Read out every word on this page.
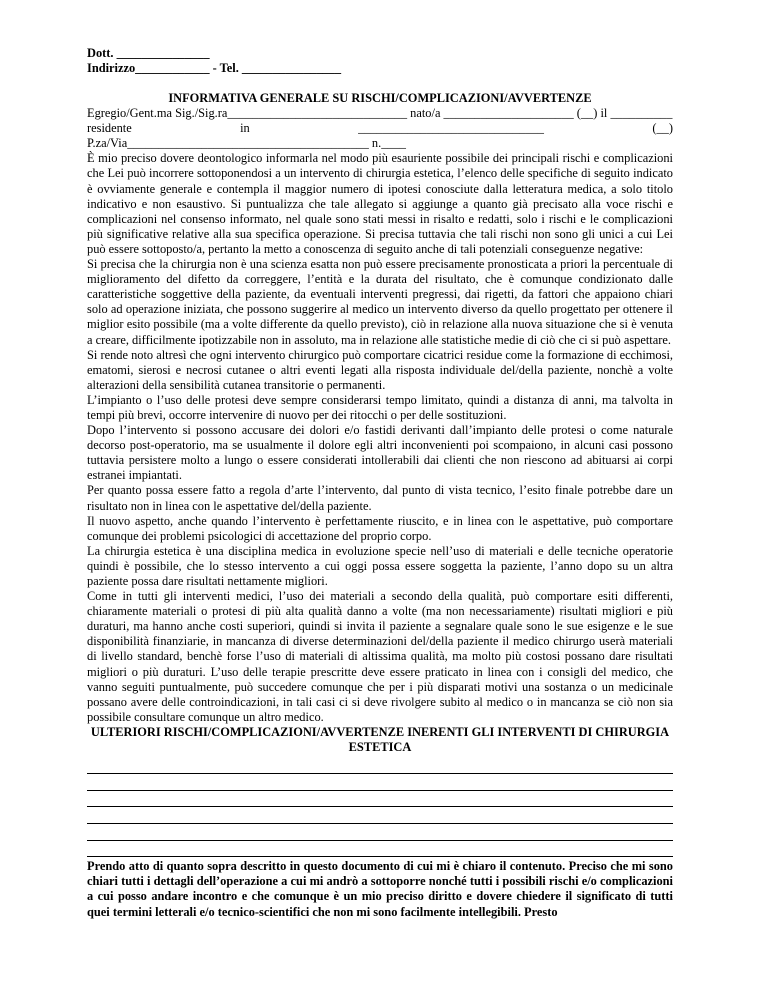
Dott. _______________
Indirizzo____________ - Tel. ________________
INFORMATIVA GENERALE SU RISCHI/COMPLICAZIONI/AVVERTENZE
Egregio/Gent.ma Sig./Sig.ra_____________________________ nato/a _____________________ (__) il __________
residente	in	______________________________	(__)
P.za/Via_______________________________________ n.____

È mio preciso dovere deontologico informarla nel modo più esauriente possibile dei principali rischi e complicazioni che Lei può incorrere sottoponendosi a un intervento di chirurgia estetica, l’elenco delle specifiche di seguito indicato è ovviamente generale e contempla il maggior numero di ipotesi conosciute dalla letteratura medica, a solo titolo indicativo e non esaustivo. Si puntualizza che tale allegato si aggiunge a quanto già precisato alla voce rischi e complicazioni nel consenso informato, nel quale sono stati messi in risalto e redatti, solo i rischi e le complicazioni più significative relative alla sua specifica operazione. Si precisa tuttavia che tali rischi non sono gli unici a cui Lei può essere sottoposto/a, pertanto la metto a conoscenza di seguito anche di tali potenziali conseguenze negative:

Si precisa che la chirurgia non è una scienza esatta non può essere precisamente pronosticata a priori la percentuale di miglioramento del difetto da correggere, l’entità e la durata del risultato, che è comunque condizionato dalle caratteristiche soggettive della paziente, da eventuali interventi pregressi, dai rigetti, da fattori che appaiono chiari solo ad operazione iniziata, che possono suggerire al medico un intervento diverso da quello progettato per ottenere il miglior esito possibile (ma a volte differente da quello previsto), ciò in relazione alla nuova situazione che si è venuta a creare, difficilmente ipotizzabile non in assoluto, ma in relazione alle statistiche medie di ciò che ci si può aspettare.

Si rende noto altresì che ogni intervento chirurgico può comportare cicatrici residue come la formazione di ecchimosi, ematomi, sierosi e necrosi cutanee o altri eventi legati alla risposta individuale del/della paziente, nonchè a volte alterazioni della sensibilità cutanea transitorie o permanenti.

L’impianto o l’uso delle protesi deve sempre considerarsi tempo limitato, quindi a distanza di anni, ma talvolta in tempi più brevi, occorre intervenire di nuovo per dei ritocchi o per delle sostituzioni.

Dopo l’intervento si possono accusare dei dolori e/o fastidi derivanti dall’impianto delle protesi o come naturale decorso post-operatorio, ma se usualmente il dolore egli altri inconvenienti poi scompaiono, in alcuni casi possono tuttavia persistere molto a lungo o essere considerati intollerabili dai clienti che non riescono ad abituarsi ai corpi estranei impiantati.

Per quanto possa essere fatto a regola d’arte l’intervento, dal punto di vista tecnico, l’esito finale potrebbe dare un risultato non in linea con le aspettative del/della paziente.

Il nuovo aspetto, anche quando l’intervento è perfettamente riuscito, e in linea con le aspettative, può comportare comunque dei problemi psicologici di accettazione del proprio corpo.

La chirurgia estetica è una disciplina medica in evoluzione specie nell’uso di materiali e delle tecniche operatorie quindi è possibile, che lo stesso intervento a cui oggi possa essere soggetta la paziente, l’anno dopo su un altra paziente possa dare risultati nettamente migliori.

Come in tutti gli interventi medici, l’uso dei materiali a secondo della qualità, può comportare esiti differenti, chiaramente materiali o protesi di più alta qualità danno a volte (ma non necessariamente) risultati migliori e più duraturi, ma hanno anche costi superiori, quindi si invita il paziente a segnalare quale sono le sue esigenze e le sue disponibilità finanziarie, in mancanza di diverse determinazioni del/della paziente il medico chirurgo userà materiali di livello standard, benchè forse l’uso di materiali di altissima qualità, ma molto più costosi possano dare risultati migliori o più duraturi. L’uso delle terapie prescritte deve essere praticato in linea con i consigli del medico, che vanno seguiti puntualmente, può succedere comunque che per i più disparati motivi una sostanza o un medicinale possano avere delle controindicazioni, in tali casi ci si deve rivolgere subito al medico o in mancanza se ciò non sia possibile consultare comunque un altro medico.

ULTERIORI RISCHI/COMPLICAZIONI/AVVERTENZE INERENTI GLI INTERVENTI DI CHIRURGIA ESTETICA

Prendo atto di quanto sopra descritto in questo documento di cui mi è chiaro il contenuto. Preciso che mi sono chiari tutti i dettagli dell’operazione a cui mi andrò a sottoporre nonché tutti i possibili rischi e/o complicazioni a cui posso andare incontro e che comunque è un mio preciso diritto e dovere chiedere il significato di tutti quei termini letterali e/o tecnico-scientifici che non mi sono facilmente intellegibili. Presto
